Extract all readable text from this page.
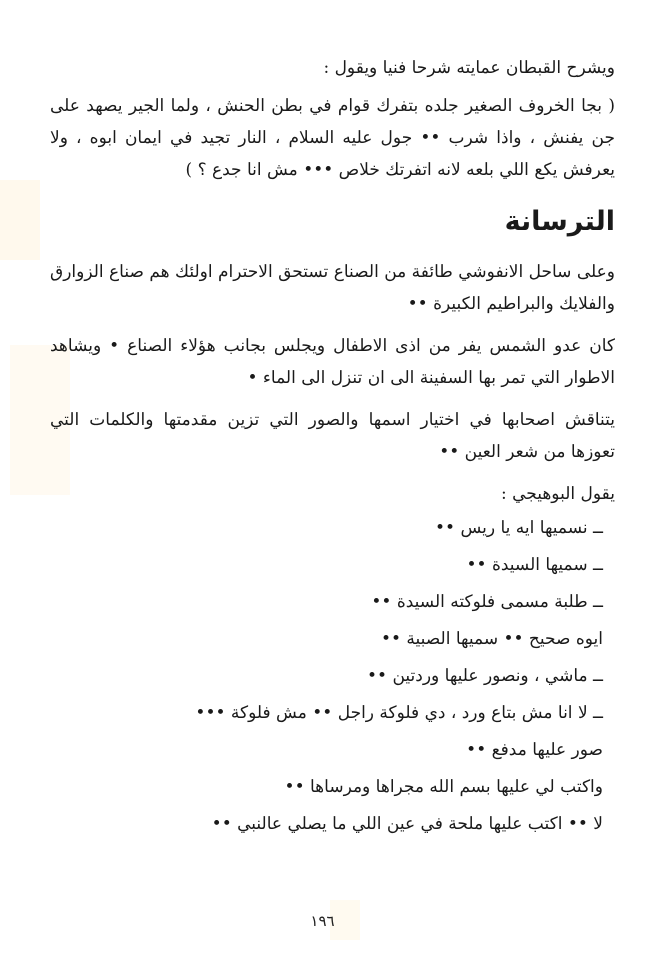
ويشرح القبطان عمايته شرحا فنيا ويقول :

( بجا الخروف الصغير جلده بتفرك قوام في بطن الحنش ، ولما الجير يصهد على جن يفنش ، واذا شرب •• جول عليه السلام ، النار تجيد في ايمان ابوه ، ولا يعرفش يكع اللي بلعه لانه اتفرتك خلاص ••• مش انا جدع ؟ )

الترسانة

وعلى ساحل الانفوشي طائفة من الصناع تستحق الاحترام اولئك هم صناع الزوارق والفلايك والبراطيم الكبيرة ••

كان عدو الشمس يفر من اذى الاطفال ويجلس بجانب هؤلاء الصناع • ويشاهد الاطوار التي تمر بها السفينة الى ان تنزل الى الماء •

يتناقش اصحابها في اختيار اسمها والصور التي تزين مقدمتها والكلمات التي تعوزها من شعر العين ••

يقول البوهيجي :

ــ نسميها ايه يا ريس ••

ــ سميها السيدة ••

ــ طلبة مسمى فلوكته السيدة ••

ايوه صحيح •• سميها الصبية ••

ــ ماشي ، ونصور عليها وردتين ••

ــ لا انا مش بتاع ورد ، دي فلوكة راجل •• مش فلوكة •••

صور عليها مدفع ••

واكتب لي عليها بسم الله مجراها ومرساها ••

لا •• اكتب عليها ملحة في عين اللي ما يصلي عالنبي ••

١٩٦
